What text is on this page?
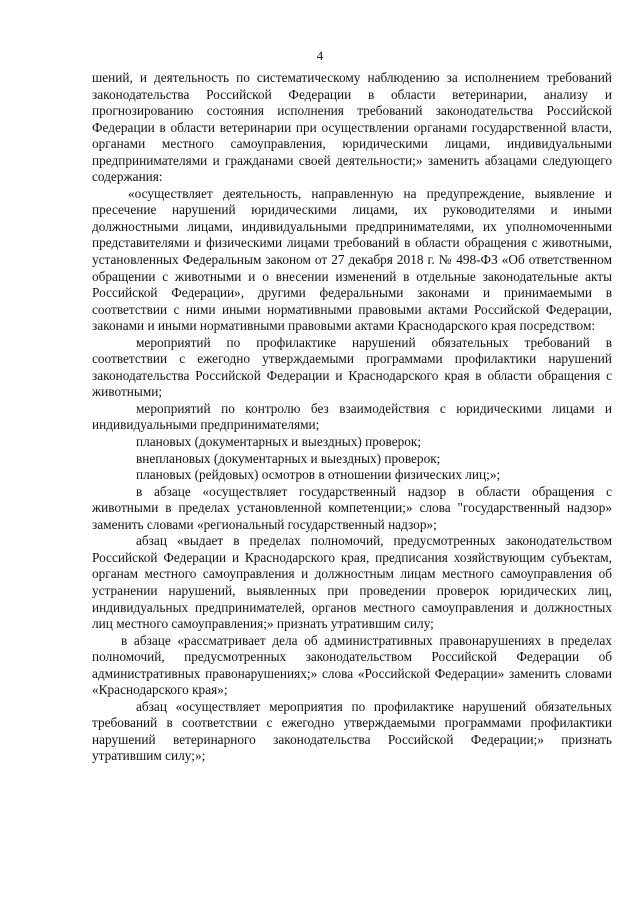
4

шений, и деятельность по систематическому наблюдению за исполнением требований законодательства Российской Федерации в области ветеринарии, анализу и прогнозированию состояния исполнения требований законодательства Российской Федерации в области ветеринарии при осуществлении органами государственной власти, органами местного самоуправления, юридическими лицами, индивидуальными предпринимателями и гражданами своей деятельности;» заменить абзацами следующего содержания:

«осуществляет деятельность, направленную на предупреждение, выявление и пресечение нарушений юридическими лицами, их руководителями и иными должностными лицами, индивидуальными предпринимателями, их уполномоченными представителями и физическими лицами требований в области обращения с животными, установленных Федеральным законом от 27 декабря 2018 г. № 498-ФЗ «Об ответственном обращении с животными и о внесении изменений в отдельные законодательные акты Российской Федерации», другими федеральными законами и принимаемыми в соответствии с ними иными нормативными правовыми актами Российской Федерации, законами и иными нормативными правовыми актами Краснодарского края посредством:

мероприятий по профилактике нарушений обязательных требований в соответствии с ежегодно утверждаемыми программами профилактики нарушений законодательства Российской Федерации и Краснодарского края в области обращения с животными;

мероприятий по контролю без взаимодействия с юридическими лицами и индивидуальными предпринимателями;

плановых (документарных и выездных) проверок;

внеплановых (документарных и выездных) проверок;

плановых (рейдовых) осмотров в отношении физических лиц;»;

в абзаце «осуществляет государственный надзор в области обращения с животными в пределах установленной компетенции;» слова "государственный надзор» заменить словами «региональный государственный надзор»;

абзац «выдает в пределах полномочий, предусмотренных законодательством Российской Федерации и Краснодарского края, предписания хозяйствующим субъектам, органам местного самоуправления и должностным лицам местного самоуправления об устранении нарушений, выявленных при проведении проверок юридических лиц, индивидуальных предпринимателей, органов местного самоуправления и должностных лиц местного самоуправления;» признать утратившим силу;

в абзаце «рассматривает дела об административных правонарушениях в пределах полномочий, предусмотренных законодательством Российской Федерации об административных правонарушениях;» слова «Российской Федерации» заменить словами «Краснодарского края»;

абзац «осуществляет мероприятия по профилактике нарушений обязательных требований в соответствии с ежегодно утверждаемыми программами профилактики нарушений ветеринарного законодательства Российской Федерации;» признать утратившим силу;»;
